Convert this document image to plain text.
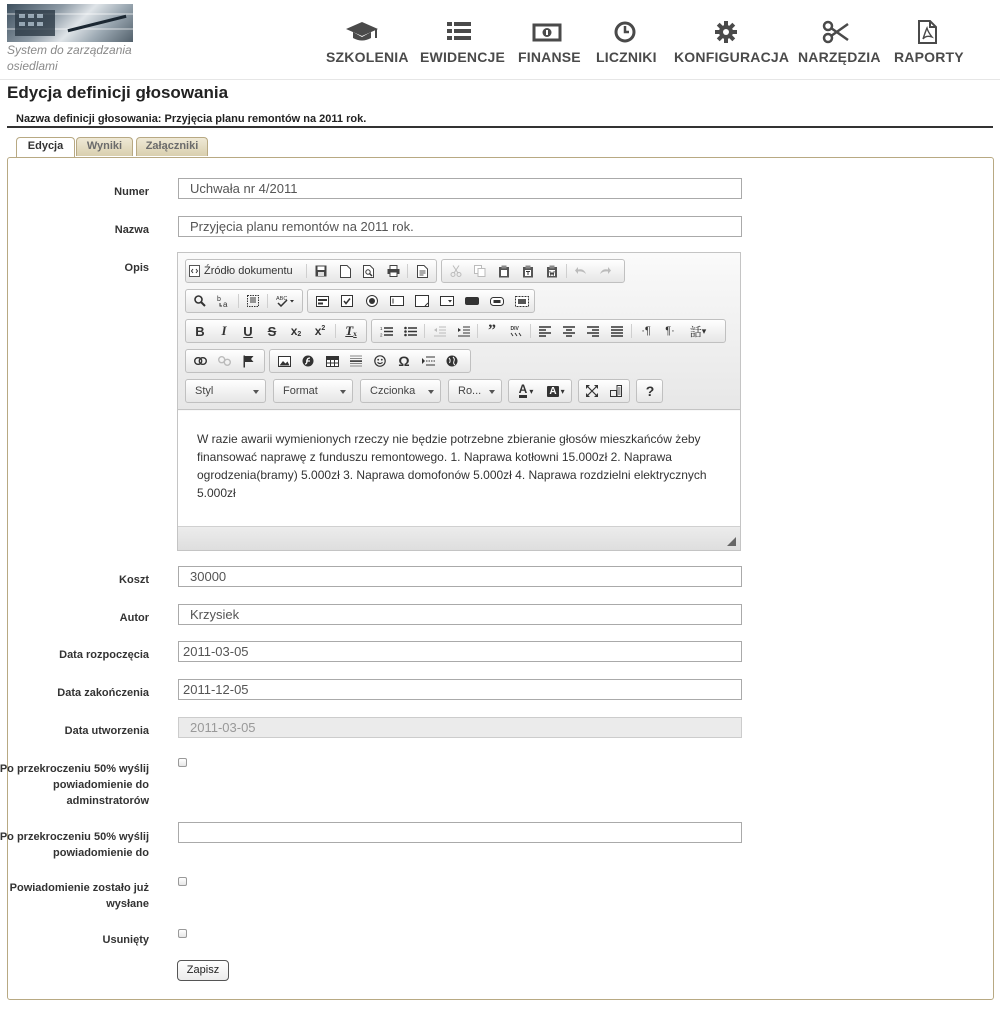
System do zarządzania osiedlami
SZKOLENIA EWIDENCJE FINANSE LICZNIKI KONFIGURACJA NARZĘDZIA RAPORTY
Edycja definicji głosowania
Nazwa definicji głosowania: Przyjęcia planu remontów na 2011 rok.
Edycja	Wyniki	Załączniki
Numer	Uchwała nr 4/2011
Nazwa	Przyjęcia planu remontów na 2011 rok.
Opis	Źródło dokumentu
b
a
ABC
B	I	U	S	x 2	x 2	T x
1
2	”	DIV	·¶	¶·	話 ▾
Ω
Styl	Format	Czcionka	Ro...	A ▾ A ▾	?
W razie awarii wymienionych rzeczy nie będzie potrzebne zbieranie głosów mieszkańców żeby finansować naprawę z funduszu remontowego. 1. Naprawa kotłowni 15.000zł 2. Naprawa ogrodzenia(bramy) 5.000zł 3. Naprawa domofonów 5.000zł 4. Naprawa rozdzielni elektrycznych 5.000zł
Koszt	30000
Autor	Krzysiek
Data rozpoczęcia	2011-03-05
Data zakończenia	2011-12-05
Data utworzenia	2011-03-05
Po przekroczeniu 50% wyślij powiadomienie do adminstratorów
Po przekroczeniu 50% wyślij powiadomienie do
Powiadomienie zostało już wysłane
Usunięty
Zapisz
